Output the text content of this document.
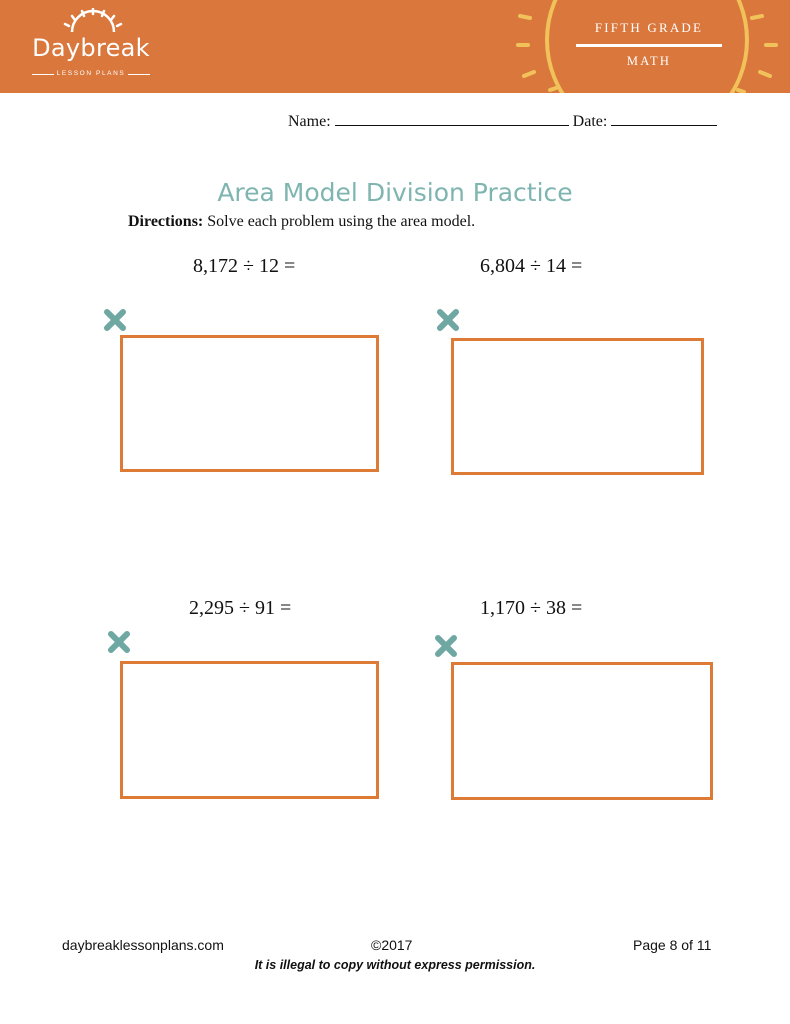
Daybreak
LESSON PLANS
FIFTH GRADE
MATH
Name:	Date:
Area Model Division Practice
Directions: Solve each problem using the area model.
8,172 ÷ 12 =	6,804 ÷ 14 =
2,295 ÷ 91 =	1,170 ÷ 38 =
daybreaklessonplans.com	©2017	Page 8 of 11
It is illegal to copy without express permission.
